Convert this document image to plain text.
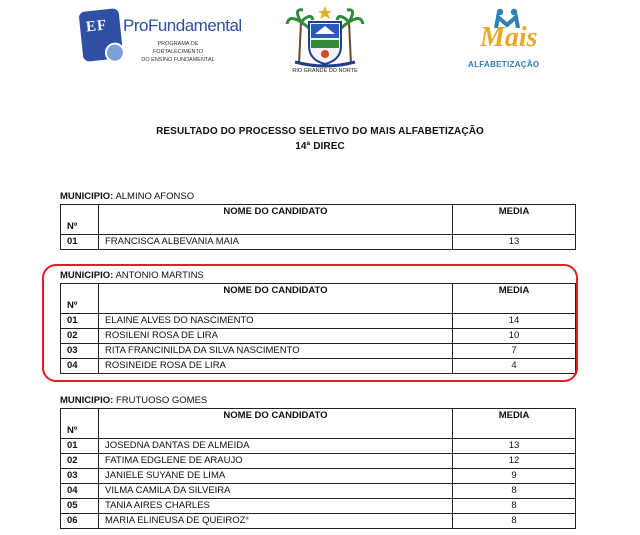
EF ProFundamental
PROGRAMA DE FORTALECIMENTO
DO ENSINO FUNDAMENTAL
RIO GRANDE DO NORTE
Mais
ALFABETIZAÇÃO
RESULTADO DO PROCESSO SELETIVO DO MAIS ALFABETIZAÇÃO
14ª DIREC
MUNICIPIO: ALMINO AFONSO
Nº	NOME DO CANDIDATO	MEDIA
01	FRANCISCA ALBEVANIA MAIA	13
MUNICIPIO: ANTONIO MARTINS
Nº	NOME DO CANDIDATO	MEDIA
01	ELAINE ALVES DO NASCIMENTO	14
02	ROSILENI ROSA DE LIRA	10
03	RITA FRANCINILDA DA SILVA NASCIMENTO	7
04	ROSINEIDE ROSA DE LIRA	4
MUNICIPIO: FRUTUOSO GOMES
Nº	NOME DO CANDIDATO	MEDIA
01	JOSEDNA DANTAS DE ALMEIDA	13
02	FATIMA EDGLENE DE ARAUJO	12
03	JANIELE SUYANE DE LIMA	9
04	VILMA CAMILA DA SILVEIRA	8
05	TANIA AIRES CHARLES	8
06	MARIA ELINEUSA DE QUEIROZ*	8
